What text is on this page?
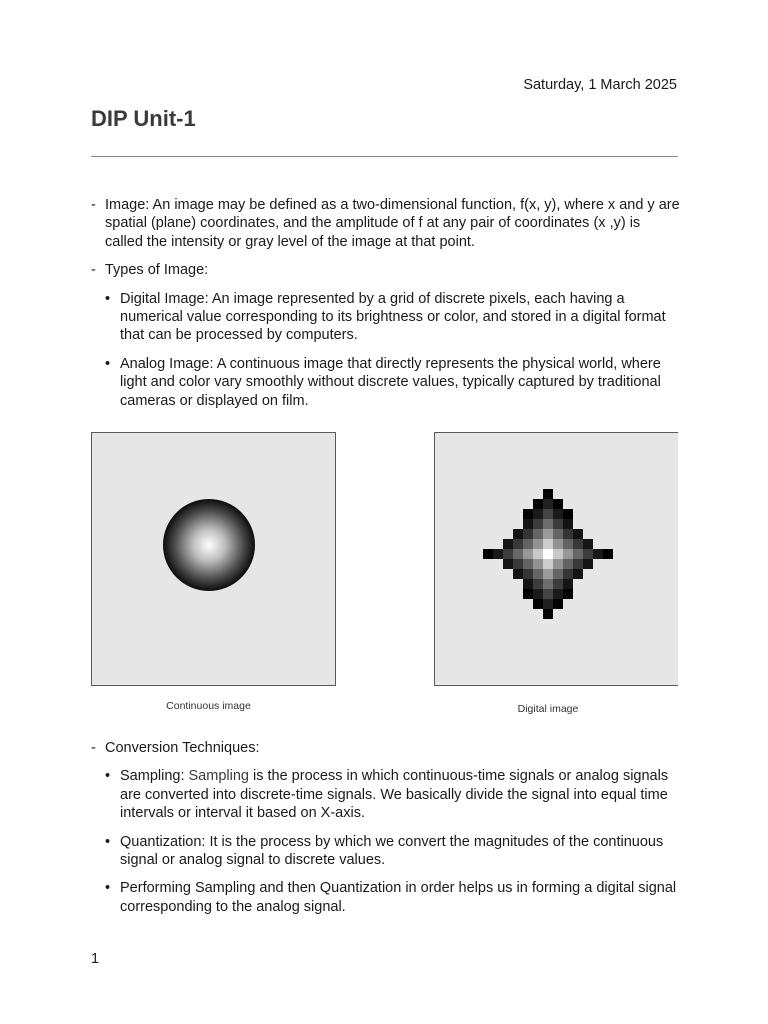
Saturday, 1 March 2025
DIP Unit-1
- Image: An image may be defined as a two-dimensional function, f(x, y), where x and y are spatial (plane) coordinates, and the amplitude of f at any pair of coordinates (x ,y) is called the intensity or gray level of the image at that point.
- Types of Image:
• Digital Image: An image represented by a grid of discrete pixels, each having a numerical value corresponding to its brightness or color, and stored in a digital format that can be processed by computers.
• Analog Image: A continuous image that directly represents the physical world, where light and color vary smoothly without discrete values, typically captured by traditional cameras or displayed on film.
Continuous image	Digital image
- Conversion Techniques:
• Sampling: Sampling is the process in which continuous-time signals or analog signals are converted into discrete-time signals. We basically divide the signal into equal time intervals or interval it based on X-axis.
• Quantization: It is the process by which we convert the magnitudes of the continuous signal or analog signal to discrete values.
• Performing Sampling and then Quantization in order helps us in forming a digital signal corresponding to the analog signal.
1
